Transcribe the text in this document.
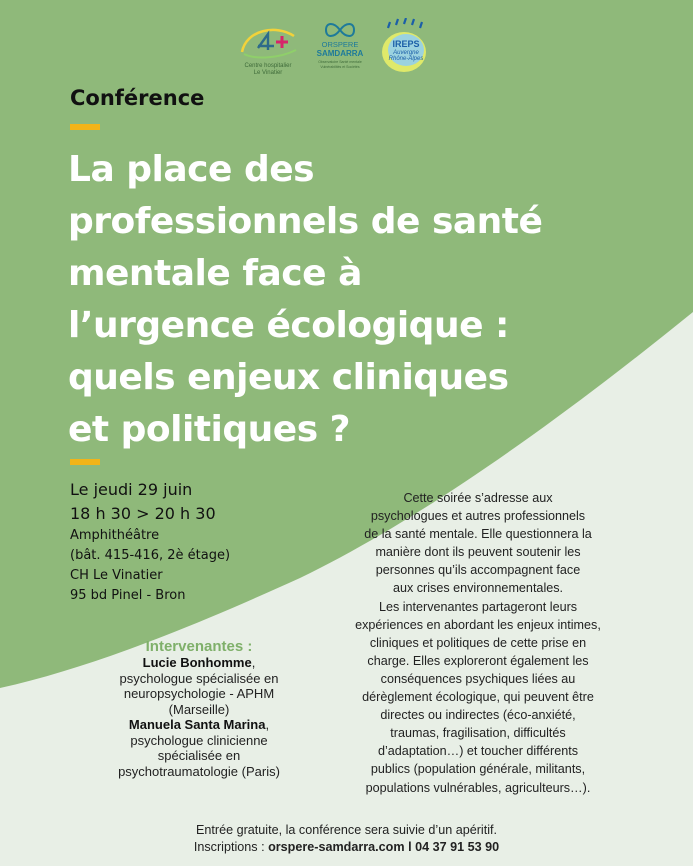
Centre hospitalier
Le Vinatier
ORSPERE
SAMDARRA
Observatoire Santé mentale
Vulnérabilités et Sociétés
IREPS
Auvergne
Rhône-Alpes

Conférence

La place des
professionnels de santé
mentale face à
l’urgence écologique :
quels enjeux cliniques
et politiques ?

Le jeudi 29 juin

18 h 30 > 20 h 30

Amphithéâtre

(bât. 415-416, 2è étage)

CH Le Vinatier

95 bd Pinel - Bron

Intervenantes :
Lucie Bonhomme,
psychologue spécialisée en
neuropsychologie - APHM
(Marseille)
Manuela Santa Marina,
psychologue clinicienne
spécialisée en
psychotraumatologie (Paris)
Cette soirée s’adresse aux
psychologues et autres professionnels
de la santé mentale. Elle questionnera la
manière dont ils peuvent soutenir les
personnes qu’ils accompagnent face
aux crises environnementales.
Les intervenantes partageront leurs
expériences en abordant les enjeux intimes,
cliniques et politiques de cette prise en
charge. Elles exploreront également les
conséquences psychiques liées au
dérèglement écologique, qui peuvent être
directes ou indirectes (éco-anxiété,
traumas, fragilisation, difficultés
d’adaptation…) et toucher différents
publics (population générale, militants,
populations vulnérables, agriculteurs…).
Entrée gratuite, la conférence sera suivie d’un apéritif.
Inscriptions : orspere-samdarra.com l 04 37 91 53 90
